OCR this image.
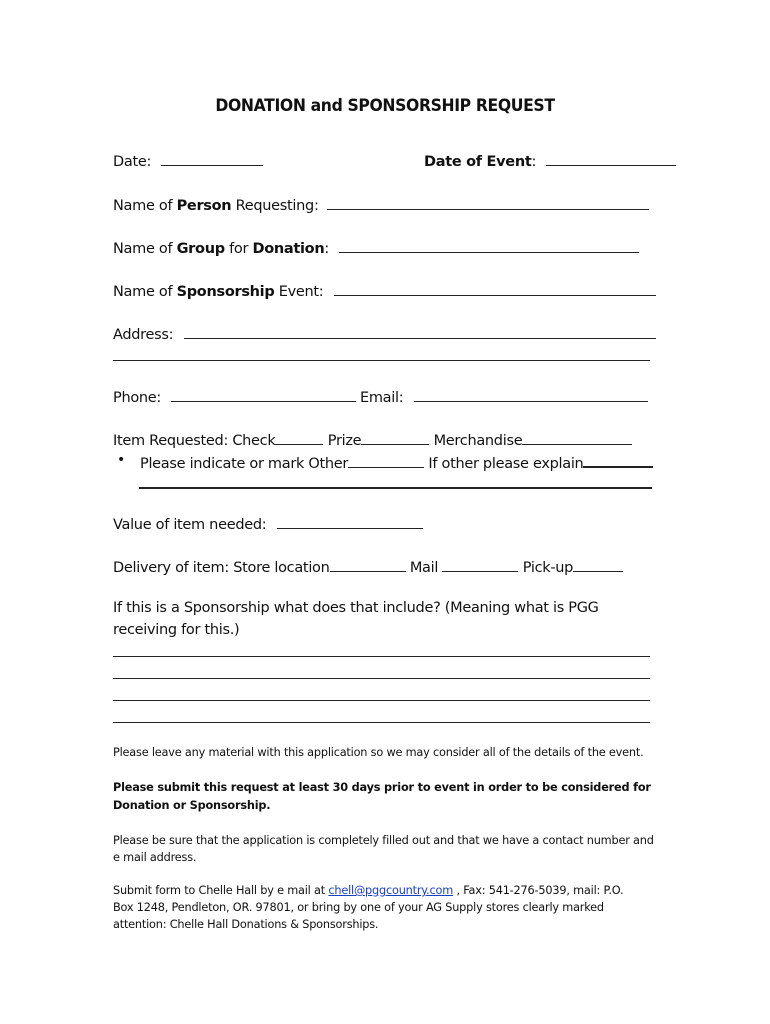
DONATION and SPONSORSHIP REQUEST
Date:	Date of Event:
Name of Person Requesting:
Name of Group for Donation:
Name of Sponsorship Event:
Address:
Phone:	Email:
Item Requested: Check	Prize	Merchandise
• Please indicate or mark Other	If other please explain
Value of item needed:
Delivery of item: Store location	Mail	Pick-up
If this is a Sponsorship what does that include? (Meaning what is PGG
receiving for this.)
Please leave any material with this application so we may consider all of the details of the event.
Please submit this request at least 30 days prior to event in order to be considered for
Donation or Sponsorship.
Please be sure that the application is completely filled out and that we have a contact number and
e mail address.
Submit form to Chelle Hall by e mail at chell@pggcountry.com , Fax: 541-276-5039, mail: P.O.
Box 1248, Pendleton, OR. 97801, or bring by one of your AG Supply stores clearly marked
attention: Chelle Hall Donations & Sponsorships.
